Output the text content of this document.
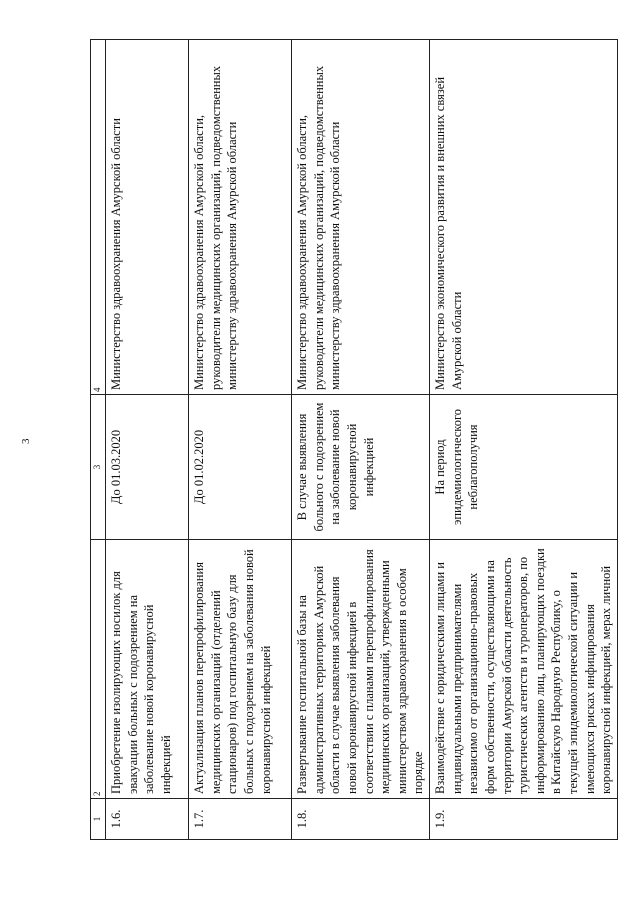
3
1	2	3	4
1.6.	Приобретение изолирующих носилок для эвакуации больных с подозрением на заболевание новой коронавирусной инфекцией	До 01.03.2020	Министерство здравоохранения Амурской области
1.7.	Актуализация планов перепрофилирования медицинских организаций (отделений стационаров) под госпитальную базу для больных с подозрением на заболевания новой коронавирусной инфекцией	До 01.02.2020	Министерство здравоохранения Амурской области, руководители медицинских организаций, подведомственных министерству здравоохранения Амурской области
1.8.	Развертывание госпитальной базы на административных территориях Амурской области в случае выявления заболевания новой коронавирусной инфекцией в соответствии с планами перепрофилирования медицинских организаций, утвержденными министерством здравоохранения в особом порядке	В случае выявления больного с подозрением на заболевание новой коронавирусной инфекцией	Министерство здравоохранения Амурской области, руководители медицинских организаций, подведомственных министерству здравоохранения Амурской области
1.9.	Взаимодействие с юридическими лицами и индивидуальными предпринимателями независимо от организационно-правовых форм собственности, осуществляющими на территории Амурской области деятельность туристических агентств и туроператоров, по информированию лиц, планирующих поездки в Китайскую Народную Республику, о текущей эпидемиологической ситуации и имеющихся рисках инфицирования коронавирусной инфекцией, мерах личной	На период эпидемиологического неблагополучия	Министерство экономического развития и внешних связей Амурской области
